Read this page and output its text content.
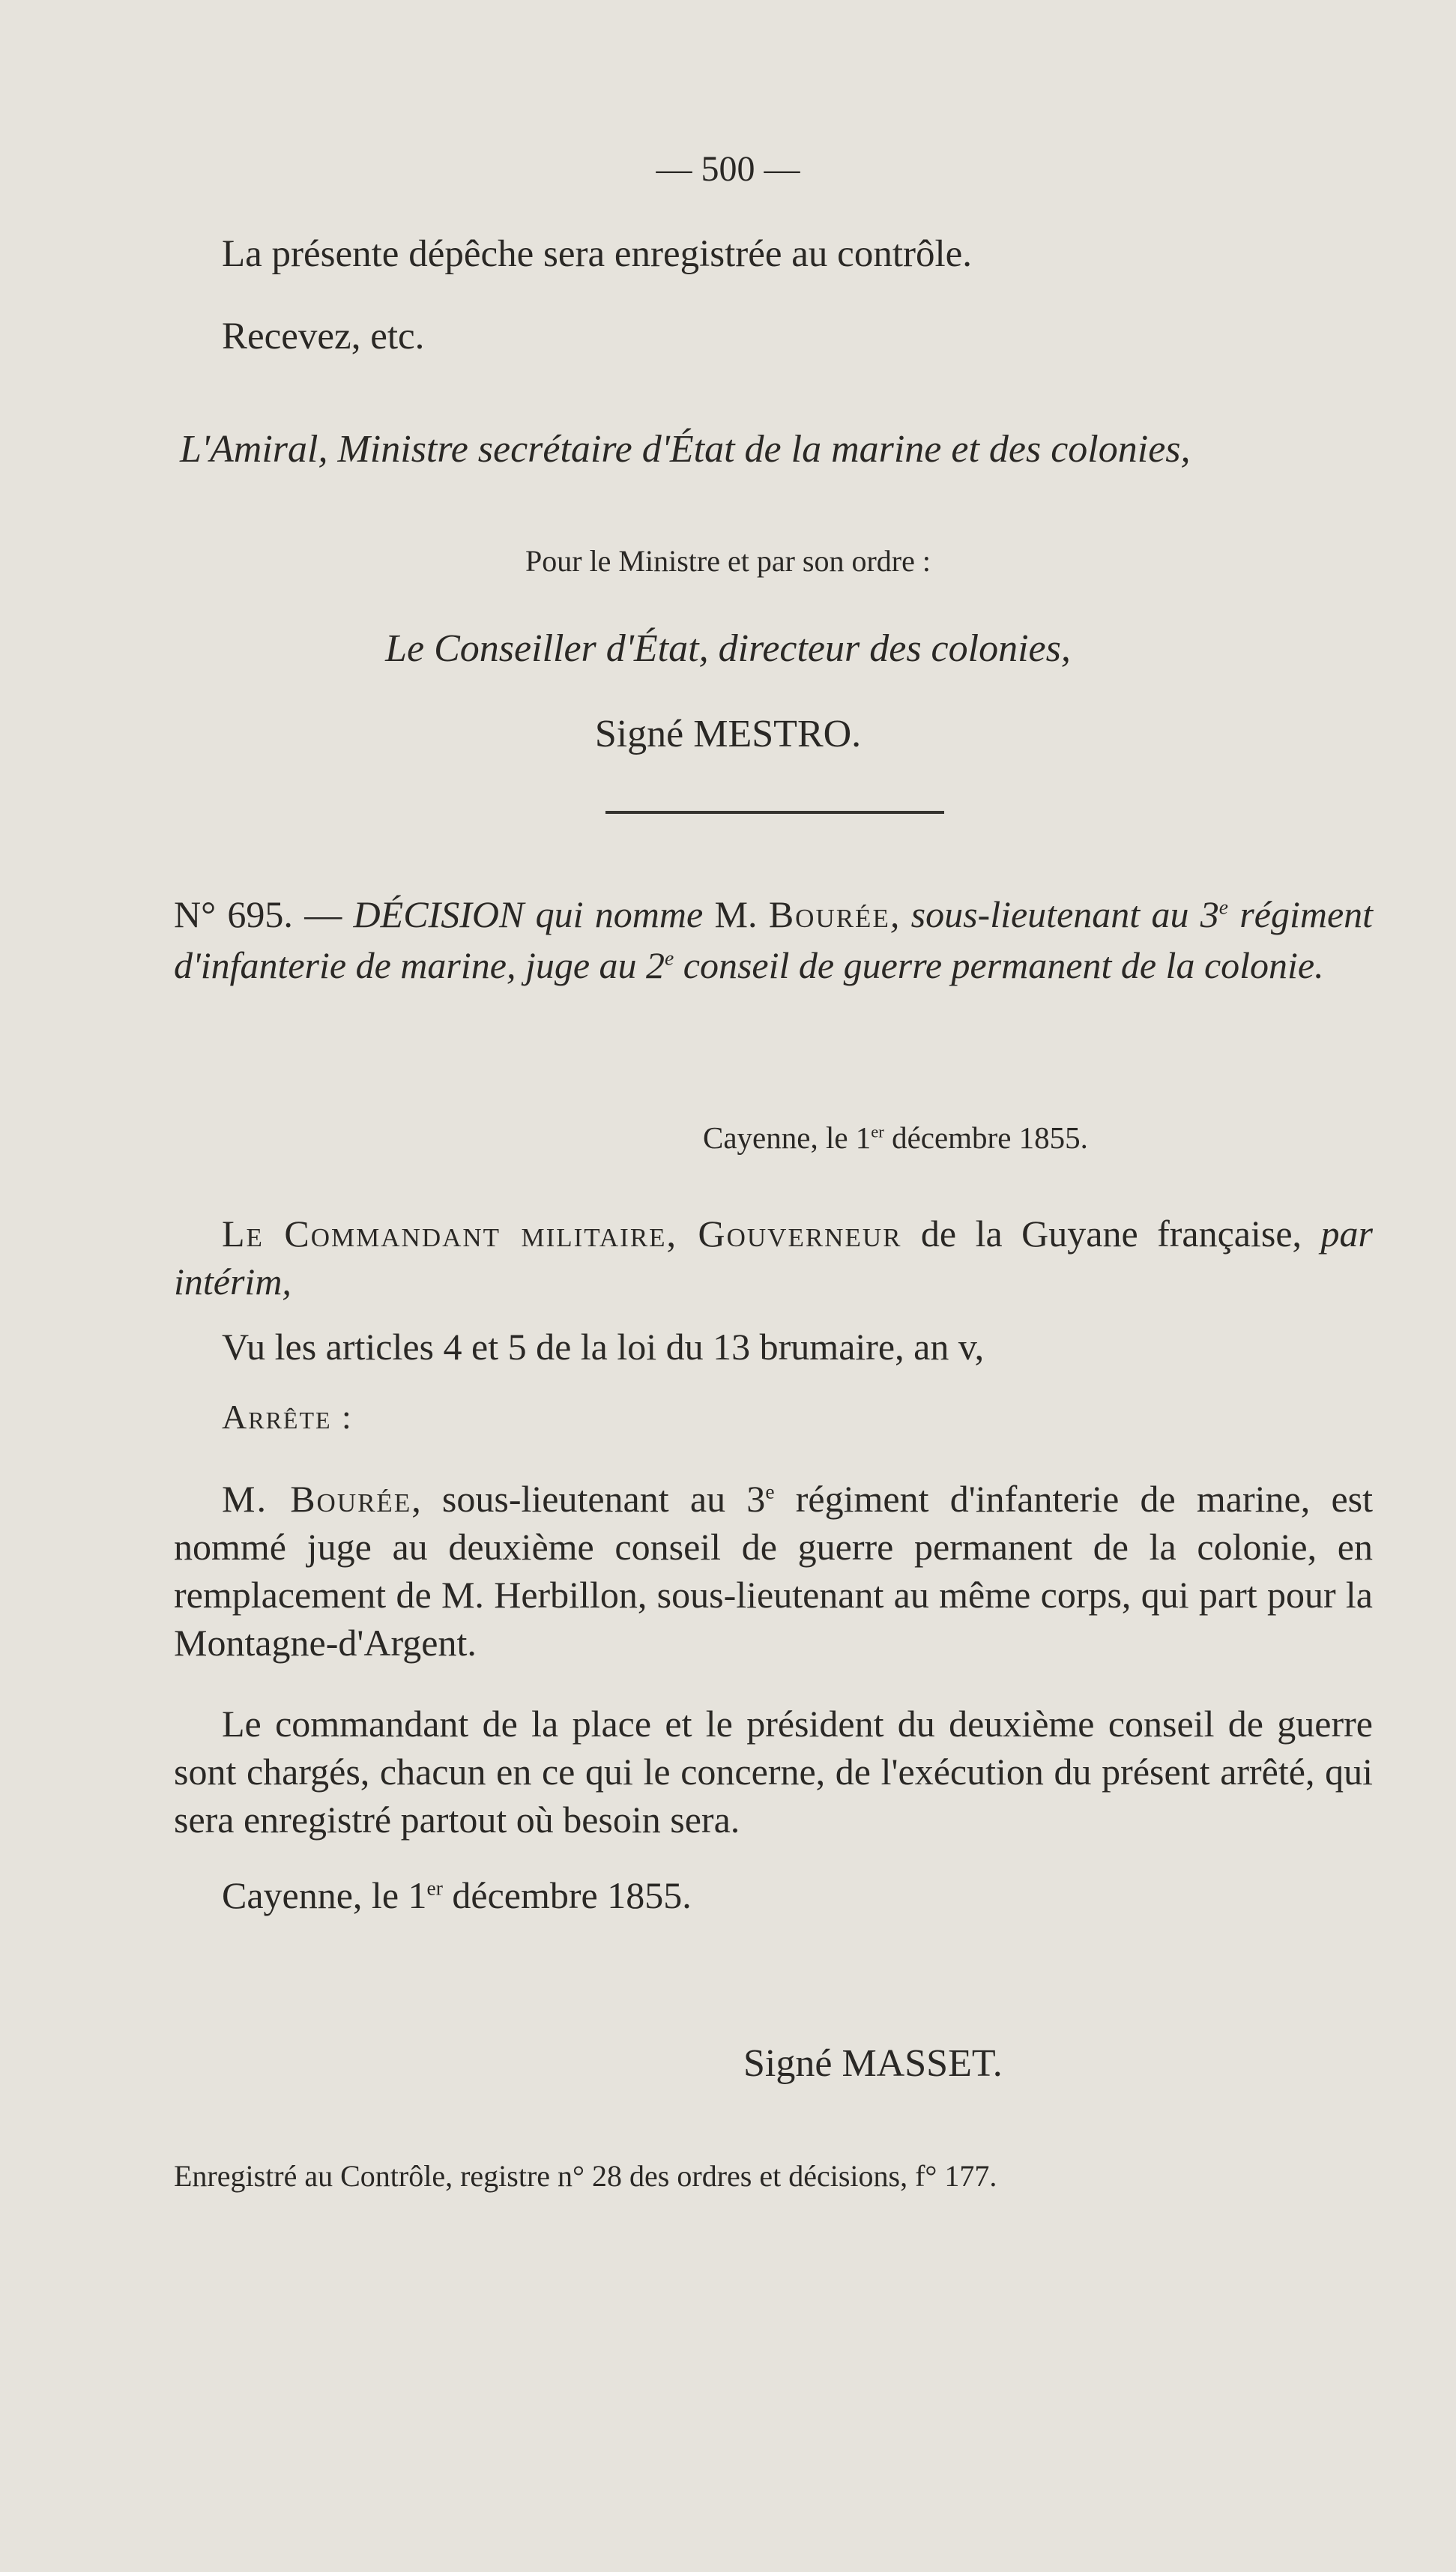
— 500 —
La présente dépêche sera enregistrée au contrôle.
Recevez, etc.
L'Amiral, Ministre secrétaire d'État de la marine et des colonies,
Pour le Ministre et par son ordre :
Le Conseiller d'État, directeur des colonies,
Signé MESTRO.
N° 695. — DÉCISION qui nomme M. Bourée, sous-lieutenant au 3e régiment d'infanterie de marine, juge au 2e conseil de guerre permanent de la colonie.
Cayenne, le 1er décembre 1855.
Le Commandant militaire, Gouverneur de la Guyane française, par intérim,
Vu les articles 4 et 5 de la loi du 13 brumaire, an v,
Arrête :
M. Bourée, sous-lieutenant au 3e régiment d'infanterie de marine, est nommé juge au deuxième conseil de guerre permanent de la colonie, en remplacement de M. Herbillon, sous-lieutenant au même corps, qui part pour la Montagne-d'Argent.
Le commandant de la place et le président du deuxième conseil de guerre sont chargés, chacun en ce qui le concerne, de l'exécution du présent arrêté, qui sera enregistré partout où besoin sera.
Cayenne, le 1er décembre 1855.
Signé MASSET.
Enregistré au Contrôle, registre n° 28 des ordres et décisions, f° 177.
